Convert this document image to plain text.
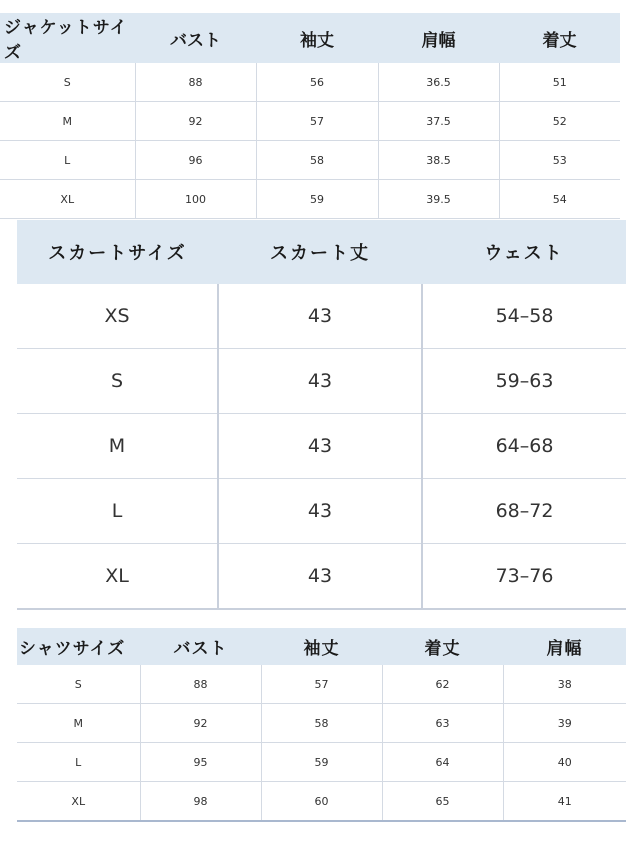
ジャケットサイズ	バスト	袖丈	肩幅	着丈
S	88	56	36.5	51
M	92	57	37.5	52
L	96	58	38.5	53
XL	100	59	39.5	54
スカートサイズ	スカート丈	ウェスト
XS	43	54–58
S	43	59–63
M	43	64–68
L	43	68–72
XL	43	73–76
シャツサイズ	バスト	袖丈	着丈	肩幅
S	88	57	62	38
M	92	58	63	39
L	95	59	64	40
XL	98	60	65	41
